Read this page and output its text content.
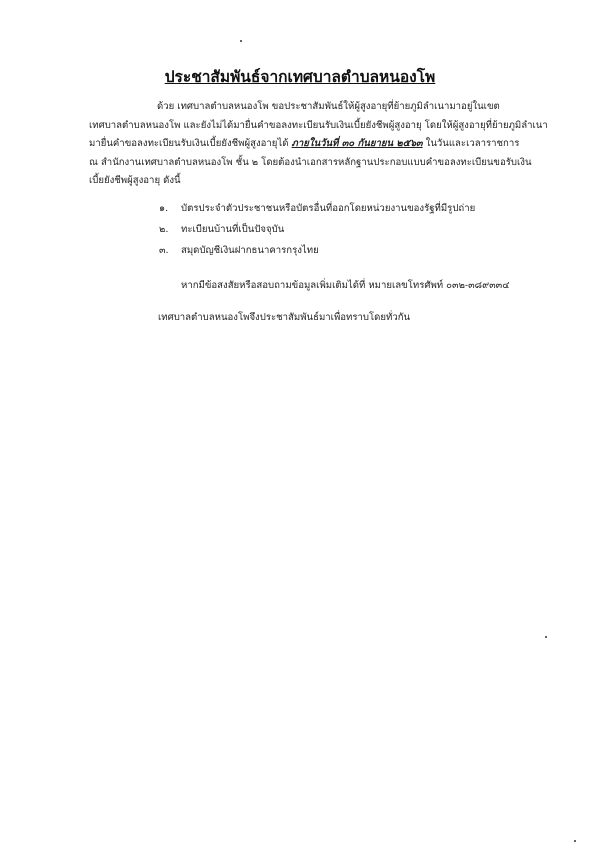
ประชาสัมพันธ์จากเทศบาลตำบลหนองโพ
ด้วย เทศบาลตำบลหนองโพ ขอประชาสัมพันธ์ให้ผู้สูงอายุที่ย้ายภูมิลำเนามาอยู่ในเขต
เทศบาลตำบลหนองโพ และยังไม่ได้มายื่นคำขอลงทะเบียนรับเงินเบี้ยยังชีพผู้สูงอายุ โดยให้ผู้สูงอายุที่ย้ายภูมิลำเนา
มายื่นคำขอลงทะเบียนรับเงินเบี้ยยังชีพผู้สูงอายุได้ ภายในวันที่ ๓๐ กันยายน ๒๕๖๓ ในวันและเวลาราชการ
ณ สำนักงานเทศบาลตำบลหนองโพ ชั้น ๒ โดยต้องนำเอกสารหลักฐานประกอบแบบคำขอลงทะเบียนขอรับเงิน
เบี้ยยังชีพผู้สูงอายุ ดังนี้
๑. บัตรประจำตัวประชาชนหรือบัตรอื่นที่ออกโดยหน่วยงานของรัฐที่มีรูปถ่าย
๒. ทะเบียนบ้านที่เป็นปัจจุบัน
๓. สมุดบัญชีเงินฝากธนาคารกรุงไทย
หากมีข้อสงสัยหรือสอบถามข้อมูลเพิ่มเติมได้ที่ หมายเลขโทรศัพท์ ๐๓๒-๓๘๙๓๓๔
เทศบาลตำบลหนองโพจึงประชาสัมพันธ์มาเพื่อทราบโดยทั่วกัน
